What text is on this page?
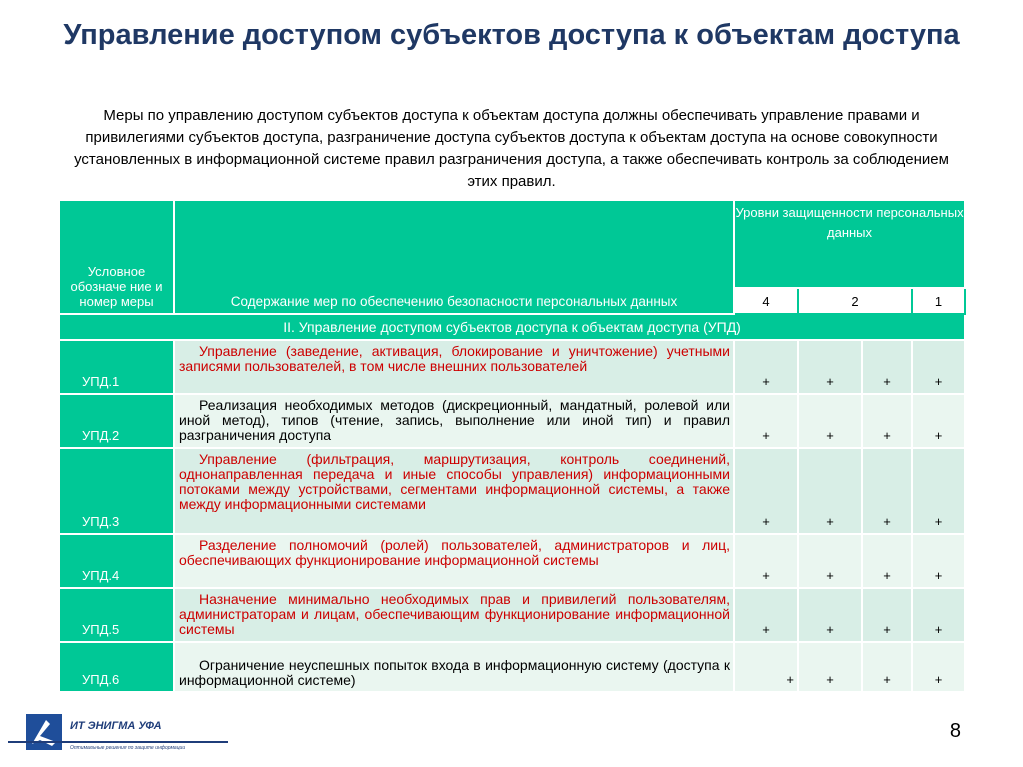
Управление доступом субъектов доступа к объектам доступа
Меры по управлению доступом субъектов доступа к объектам доступа должны обеспечивать управление правами и привилегиями субъектов доступа, разграничение доступа субъектов доступа к объектам доступа на основе совокупности установленных в информационной системе правил разграничения доступа, а также обеспечивать контроль за соблюдением этих правил.
Условное обозначе ние и номер меры	Содержание мер по обеспечению безопасности персональных данных	Уровни защищенности персональных данных			
		4	2		1
II. Управление доступом субъектов доступа к объектам доступа (УПД)					
УПД.1	Управление (заведение, активация, блокирование и уничтожение) учетными записями пользователей, в том числе внешних пользователей	+	+	+	+
УПД.2	Реализация необходимых методов (дискреционный, мандатный, ролевой или иной метод), типов (чтение, запись, выполнение или иной тип) и правил разграничения доступа	+	+	+	+
УПД.3	Управление (фильтрация, маршрутизация, контроль соединений, однонаправленная передача и иные способы управления) информационными потоками между устройствами, сегментами информационной системы, а также между информационными системами	+	+	+	+
УПД.4	Разделение полномочий (ролей) пользователей, администраторов и лиц, обеспечивающих функционирование информационной системы	+	+	+	+
УПД.5	Назначение минимально необходимых прав и привилегий пользователям, администраторам и лицам, обеспечивающим функционирование информационной системы	+	+	+	+
УПД.6	Ограничение неуспешных попыток входа в информационную систему (доступа к информационной системе)	+	+	+	+
ИТ ЭНИГМА УФА
Оптимальные решения по защите информации
8
